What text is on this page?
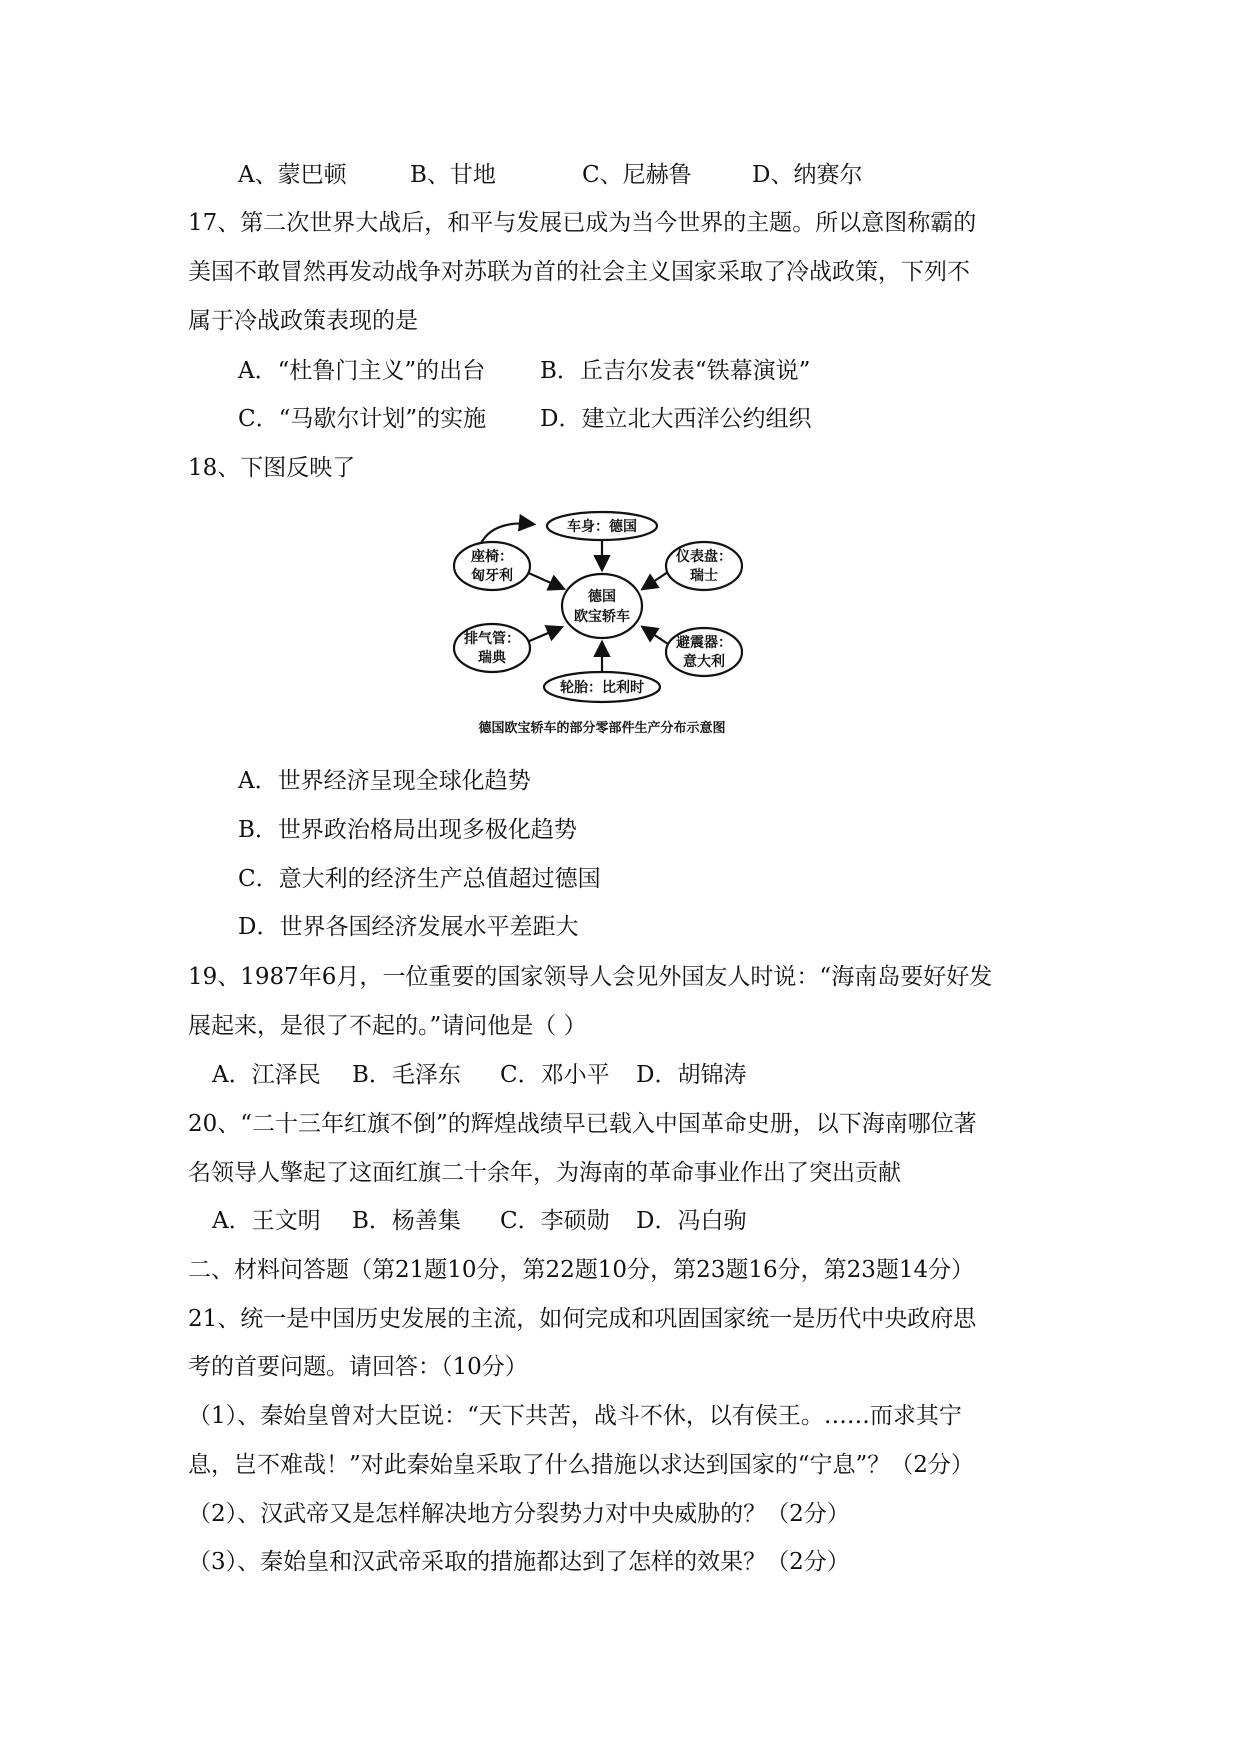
A、蒙巴顿	B、甘地	C、尼赫鲁	D、纳赛尔
17、第二次世界大战后，和平与发展已成为当今世界的主题。所以意图称霸的
美国不敢冒然再发动战争对苏联为首的社会主义国家采取了冷战政策，下列不
属于冷战政策表现的是
A．“杜鲁门主义”的出台 B．丘吉尔发表“铁幕演说”
C．“马歇尔计划”的实施 D．建立北大西洋公约组织
18、下图反映了
车身：德国
德国
欧宝轿车
座椅：
匈牙利
仪表盘：
瑞士
排气管：
瑞典
避震器：
意大利
轮胎：比利时
德国欧宝轿车的部分零部件生产分布示意图
A．世界经济呈现全球化趋势
B．世界政治格局出现多极化趋势
C．意大利的经济生产总值超过德国
D．世界各国经济发展水平差距大
19、1987年6月，一位重要的国家领导人会见外国友人时说：“海南岛要好好发
展起来，是很了不起的。”请问他是（ ）
A．江泽民 B．毛泽东 C．邓小平 D．胡锦涛
20、“二十三年红旗不倒”的辉煌战绩早已载入中国革命史册，以下海南哪位著
名领导人擎起了这面红旗二十余年，为海南的革命事业作出了突出贡献
A．王文明 B．杨善集 C．李硕勋 D．冯白驹
二、材料问答题（第21题10分，第22题10分，第23题16分，第23题14分）
21、统一是中国历史发展的主流，如何完成和巩固国家统一是历代中央政府思
考的首要问题。请回答：（10分）
（1）、秦始皇曾对大臣说：“天下共苦，战斗不休，以有侯王。……而求其宁
息，岂不难哉！”对此秦始皇采取了什么措施以求达到国家的“宁息”？（2分）
（2）、汉武帝又是怎样解决地方分裂势力对中央威胁的？（2分）
（3）、秦始皇和汉武帝采取的措施都达到了怎样的效果？（2分）
